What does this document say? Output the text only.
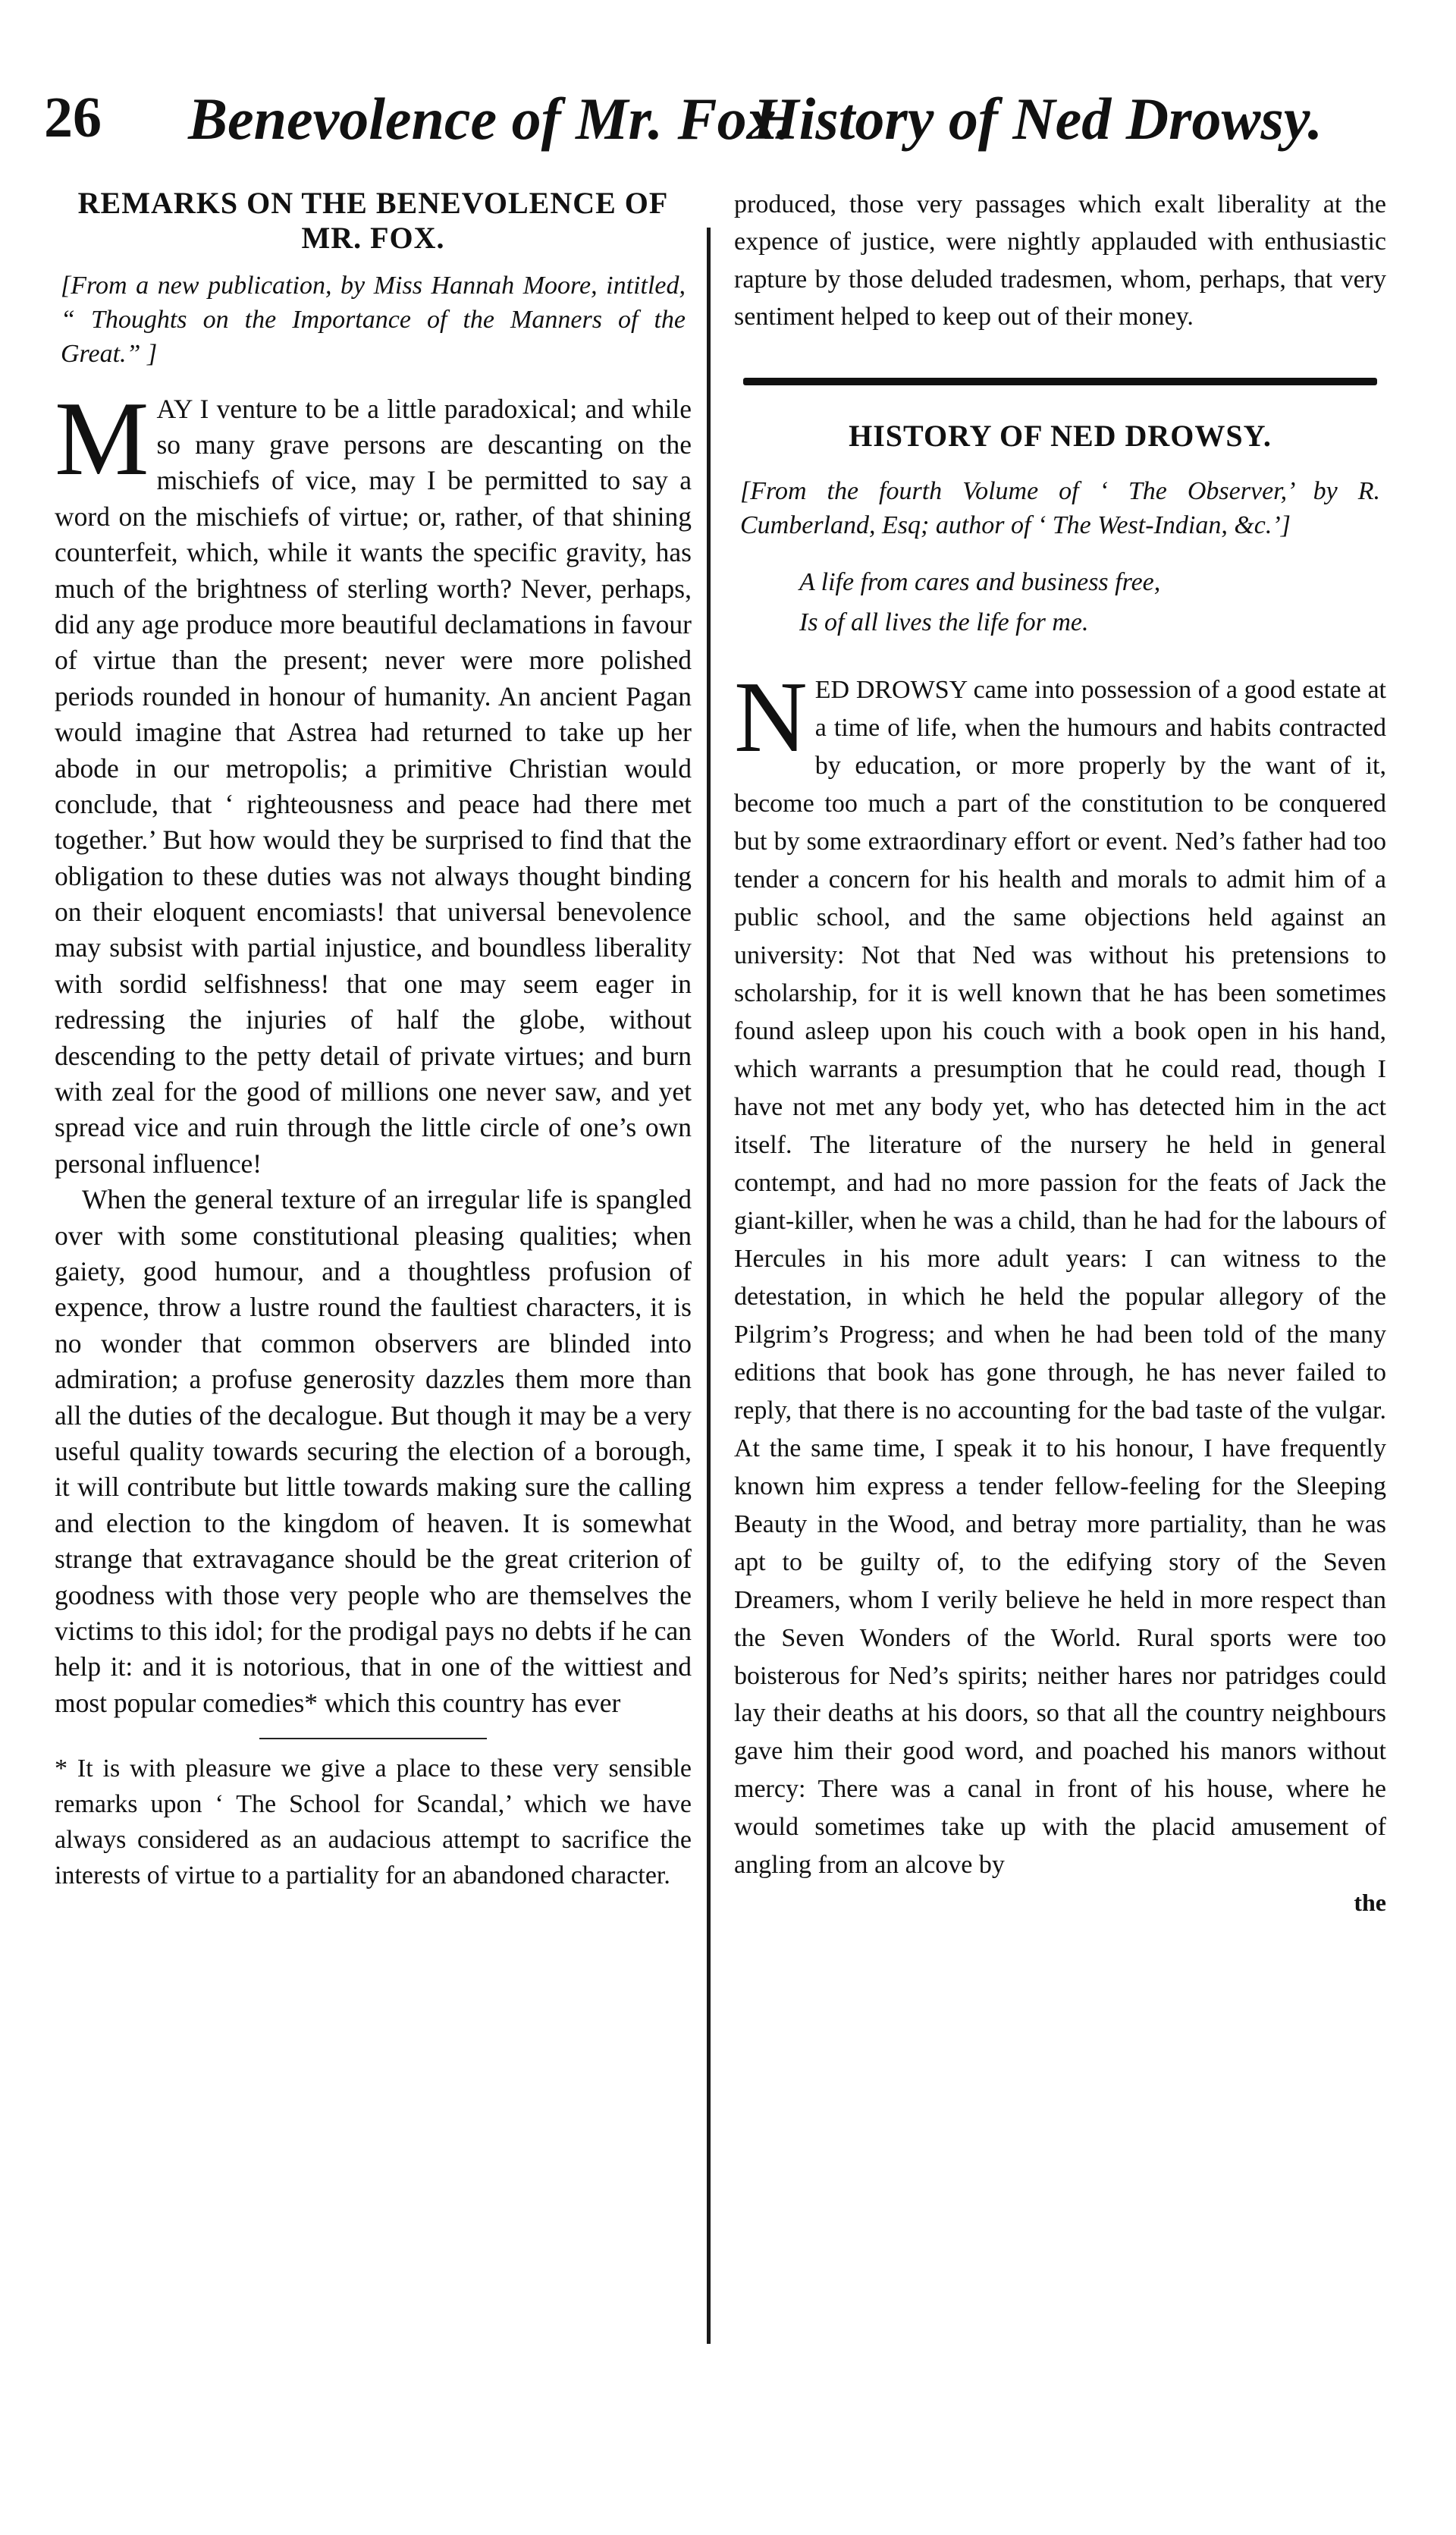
26 Benevolence of Mr. Fox.
History of Ned Drowsy.
REMARKS ON THE BENEVOLENCE OF MR. FOX.
[From a new publication, by Miss Hannah Moore, intitled, “ Thoughts on the Importance of the Manners of the Great.” ]

MAY I venture to be a little paradoxical; and while so many grave persons are descanting on the mischiefs of vice, may I be permitted to say a word on the mischiefs of virtue; or, rather, of that shining counterfeit, which, while it wants the specific gravity, has much of the brightness of sterling worth? Never, perhaps, did any age produce more beautiful declamations in favour of virtue than the present; never were more polished periods rounded in honour of humanity. An ancient Pagan would imagine that Astrea had returned to take up her abode in our metropolis; a primitive Christian would conclude, that ‘ righteousness and peace had there met together.’ But how would they be surprised to find that the obligation to these duties was not always thought binding on their eloquent encomiasts! that universal benevolence may subsist with partial injustice, and boundless liberality with sordid selfishness! that one may seem eager in redressing the injuries of half the globe, without descending to the petty detail of private virtues; and burn with zeal for the good of millions one never saw, and yet spread vice and ruin through the little circle of one’s own personal influence!

When the general texture of an irregular life is spangled over with some constitutional pleasing qualities; when gaiety, good humour, and a thoughtless profusion of expence, throw a lustre round the faultiest characters, it is no wonder that common observers are blinded into admiration; a profuse generosity dazzles them more than all the duties of the decalogue. But though it may be a very useful quality towards securing the election of a borough, it will contribute but little towards making sure the calling and election to the kingdom of heaven. It is somewhat strange that extravagance should be the great criterion of goodness with those very people who are themselves the victims to this idol; for the prodigal pays no debts if he can help it: and it is notorious, that in one of the wittiest and most popular comedies* which this country has ever

* It is with pleasure we give a place to these very sensible remarks upon ‘ The School for Scandal,’ which we have always considered as an audacious attempt to sacrifice the interests of virtue to a partiality for an abandoned character.
produced, those very passages which exalt liberality at the expence of justice, were nightly applauded with enthusiastic rapture by those deluded tradesmen, whom, perhaps, that very sentiment helped to keep out of their money.
HISTORY OF NED DROWSY.
[From the fourth Volume of ‘ The Observer,’ by R. Cumberland, Esq; author of ‘ The West-Indian, &c.’]
A life from cares and business free,
Is of all lives the life for me.

NED DROWSY came into possession of a good estate at a time of life, when the humours and habits contracted by education, or more properly by the want of it, become too much a part of the constitution to be conquered but by some extraordinary effort or event. Ned’s father had too tender a concern for his health and morals to admit him of a public school, and the same objections held against an university: Not that Ned was without his pretensions to scholarship, for it is well known that he has been sometimes found asleep upon his couch with a book open in his hand, which warrants a presumption that he could read, though I have not met any body yet, who has detected him in the act itself. The literature of the nursery he held in general contempt, and had no more passion for the feats of Jack the giant-killer, when he was a child, than he had for the labours of Hercules in his more adult years: I can witness to the detestation, in which he held the popular allegory of the Pilgrim’s Progress; and when he had been told of the many editions that book has gone through, he has never failed to reply, that there is no accounting for the bad taste of the vulgar. At the same time, I speak it to his honour, I have frequently known him express a tender fellow-feeling for the Sleeping Beauty in the Wood, and betray more partiality, than he was apt to be guilty of, to the edifying story of the Seven Dreamers, whom I verily believe he held in more respect than the Seven Wonders of the World. Rural sports were too boisterous for Ned’s spirits; neither hares nor patridges could lay their deaths at his doors, so that all the country neighbours gave him their good word, and poached his manors without mercy: There was a canal in front of his house, where he would sometimes take up with the placid amusement of angling from an alcove by

the
